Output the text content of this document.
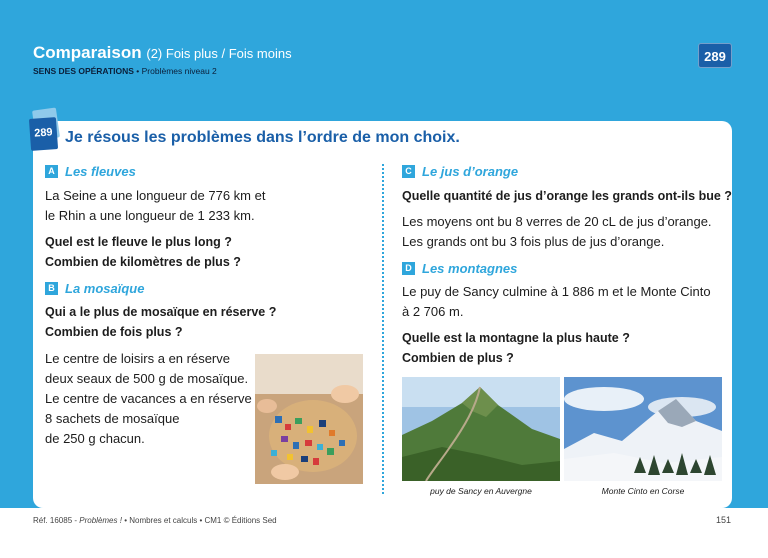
Comparaison (2) Fois plus / Fois moins
SENS DES OPÉRATIONS • Problèmes niveau 2
289
289 Je résous les problèmes dans l’ordre de mon choix.
A Les fleuves
La Seine a une longueur de 776 km et
le Rhin a une longueur de 1 233 km.
Quel est le fleuve le plus long ?
Combien de kilomètres de plus ?
B La mosaïque
Qui a le plus de mosaïque en réserve ?
Combien de fois plus ?
Le centre de loisirs a en réserve
deux seaux de 500 g de mosaïque.
Le centre de vacances a en réserve
8 sachets de mosaïque
de 250 g chacun.
C Le jus d’orange
Quelle quantité de jus d’orange les grands ont-ils bue ?
Les moyens ont bu 8 verres de 20 cL de jus d’orange.
Les grands ont bu 3 fois plus de jus d’orange.
D Les montagnes
Le puy de Sancy culmine à 1 886 m et le Monte Cinto
à 2 706 m.
Quelle est la montagne la plus haute ?
Combien de plus ?
puy de Sancy en Auvergne	Monte Cinto en Corse
Réf. 16085 - Problèmes ! • Nombres et calculs • CM1 © Éditions Sed	151
